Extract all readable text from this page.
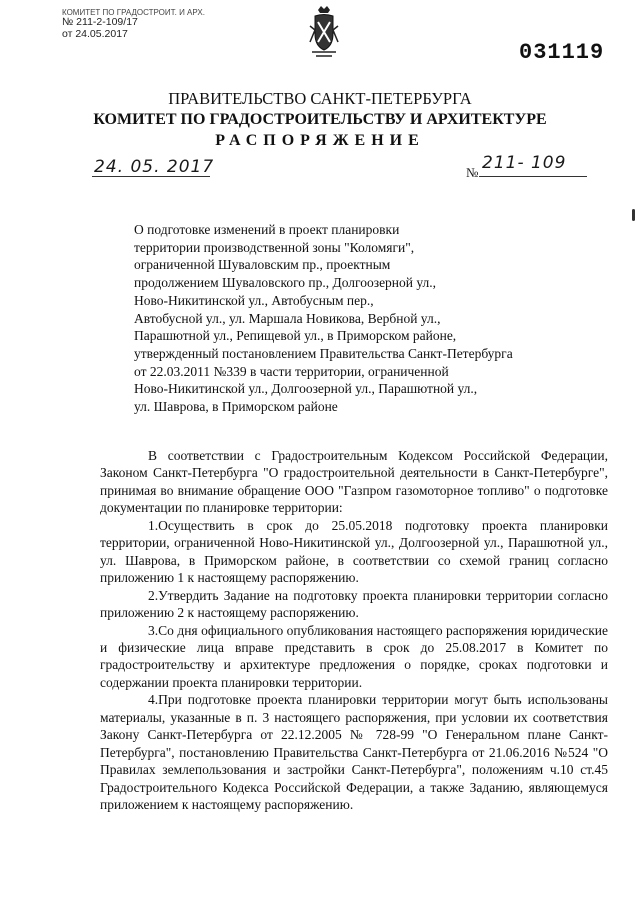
КОМИТЕТ ПО ГРАДОСТРОИТ. И АРХ.
№ 211-2-109/17
от 24.05.2017
031119
ПРАВИТЕЛЬСТВО САНКТ-ПЕТЕРБУРГА
КОМИТЕТ ПО ГРАДОСТРОИТЕЛЬСТВУ И АРХИТЕКТУРЕ
РАСПОРЯЖЕНИЕ
24. 05. 2017	№ 211- 109
О подготовке изменений в проект планировки
территории производственной зоны "Коломяги",
ограниченной Шуваловским пр., проектным
продолжением Шуваловского пр., Долгоозерной ул.,
Ново-Никитинской ул., Автобусным пер.,
Автобусной ул., ул. Маршала Новикова, Вербной ул.,
Парашютной ул., Репищевой ул., в Приморском районе,
утвержденный постановлением Правительства Санкт-Петербурга
от 22.03.2011 №339 в части территории, ограниченной
Ново-Никитинской ул., Долгоозерной ул., Парашютной ул.,
ул. Шаврова, в Приморском районе

В соответствии с Градостроительным Кодексом Российской Федерации, Законом Санкт-Петербурга "О градостроительной деятельности в Санкт-Петербурге", принимая во внимание обращение ООО "Газпром газомоторное топливо" о подготовке документации по планировке территории:

1.Осуществить в срок до 25.05.2018 подготовку проекта планировки территории, ограниченной Ново-Никитинской ул., Долгоозерной ул., Парашютной ул., ул. Шаврова, в Приморском районе, в соответствии со схемой границ согласно приложению 1 к настоящему распоряжению.

2.Утвердить Задание на подготовку проекта планировки территории согласно приложению 2 к настоящему распоряжению.

3.Со дня официального опубликования настоящего распоряжения юридические и физические лица вправе представить в срок до 25.08.2017 в Комитет по градостроительству и архитектуре предложения о порядке, сроках подготовки и содержании проекта планировки территории.

4.При подготовке проекта планировки территории могут быть использованы материалы, указанные в п. 3 настоящего распоряжения, при условии их соответствия Закону Санкт-Петербурга от 22.12.2005 № 728-99 "О Генеральном плане Санкт-Петербурга", постановлению Правительства Санкт-Петербурга от 21.06.2016 №524 "О Правилах землепользования и застройки Санкт-Петербурга", положениям ч.10 ст.45 Градостроительного Кодекса Российской Федерации, а также Заданию, являющемуся приложением к настоящему распоряжению.
